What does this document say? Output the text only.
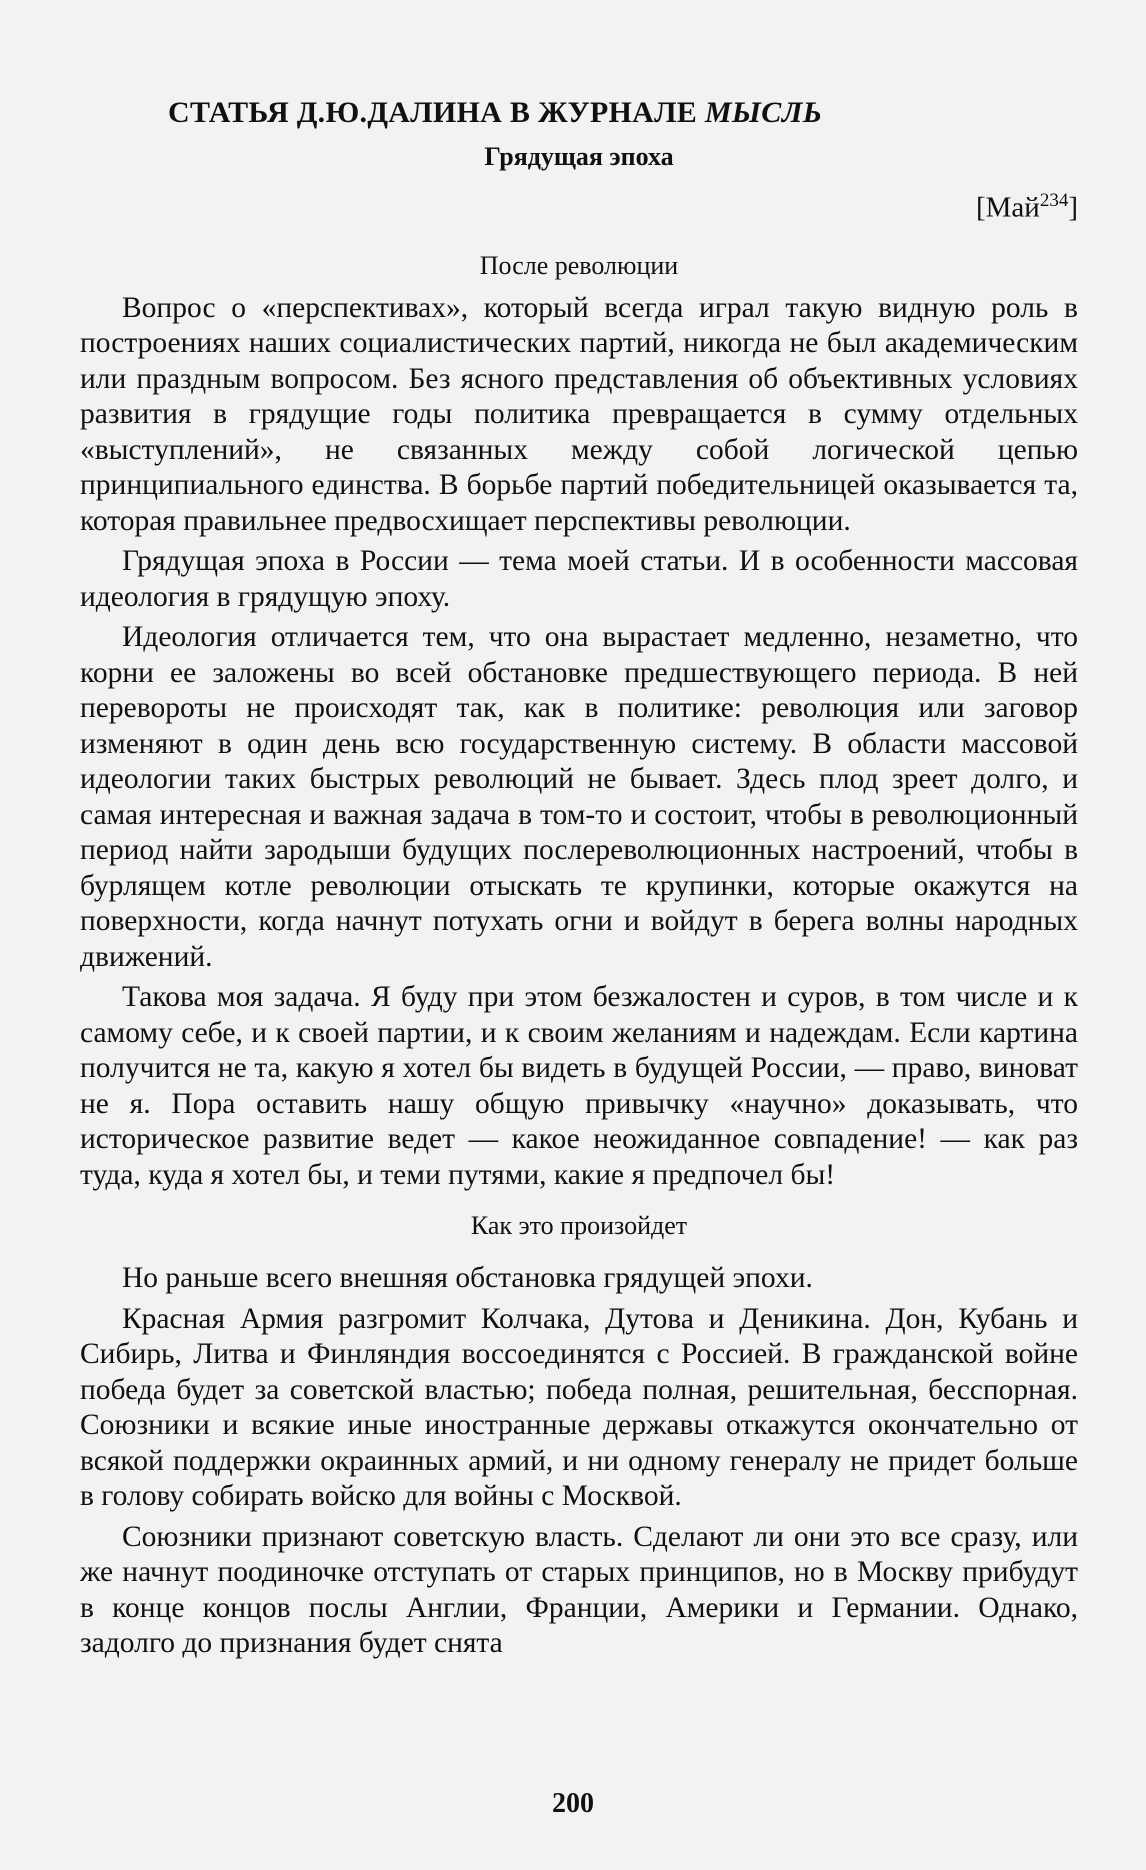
СТАТЬЯ Д.Ю.ДАЛИНА В ЖУРНАЛЕ МЫСЛЬ
Грядущая эпоха
[Май$^{234}$]
После революции

Вопрос о «перспективах», который всегда играл такую видную роль в построениях наших социалистических партий, никогда не был академическим или праздным вопросом. Без ясного представления об объективных условиях развития в грядущие годы политика превращается в сумму отдельных «выступлений», не связанных между собой логической цепью принципиального единства. В борьбе партий победительницей оказывается та, которая правильнее предвосхищает перспективы революции.

Грядущая эпоха в России — тема моей статьи. И в особенности массовая идеология в грядущую эпоху.

Идеология отличается тем, что она вырастает медленно, незаметно, что корни ее заложены во всей обстановке предшествующего периода. В ней перевороты не происходят так, как в политике: революция или заговор изменяют в один день всю государственную систему. В области массовой идеологии таких быстрых революций не бывает. Здесь плод зреет долго, и самая интересная и важная задача в том-то и состоит, чтобы в революционный период найти зародыши будущих послереволюционных настроений, чтобы в бурлящем котле революции отыскать те крупинки, которые окажутся на поверхности, когда начнут потухать огни и войдут в берега волны народных движений.

Такова моя задача. Я буду при этом безжалостен и суров, в том числе и к самому себе, и к своей партии, и к своим желаниям и надеждам. Если картина получится не та, какую я хотел бы видеть в будущей России, — право, виноват не я. Пора оставить нашу общую привычку «научно» доказывать, что историческое развитие ведет — какое неожиданное совпадение! — как раз туда, куда я хотел бы, и теми путями, какие я предпочел бы!

Как это произойдет

Но раньше всего внешняя обстановка грядущей эпохи.

Красная Армия разгромит Колчака, Дутова и Деникина. Дон, Кубань и Сибирь, Литва и Финляндия воссоединятся с Россией. В гражданской войне победа будет за советской властью; победа полная, решительная, бесспорная. Союзники и всякие иные иностранные державы откажутся окончательно от всякой поддержки окраинных армий, и ни одному генералу не придет больше в голову собирать войско для войны с Москвой.

Союзники признают советскую власть. Сделают ли они это все сразу, или же начнут поодиночке отступать от старых принципов, но в Москву прибудут в конце концов послы Англии, Франции, Америки и Германии. Однако, задолго до признания будет снята

200
